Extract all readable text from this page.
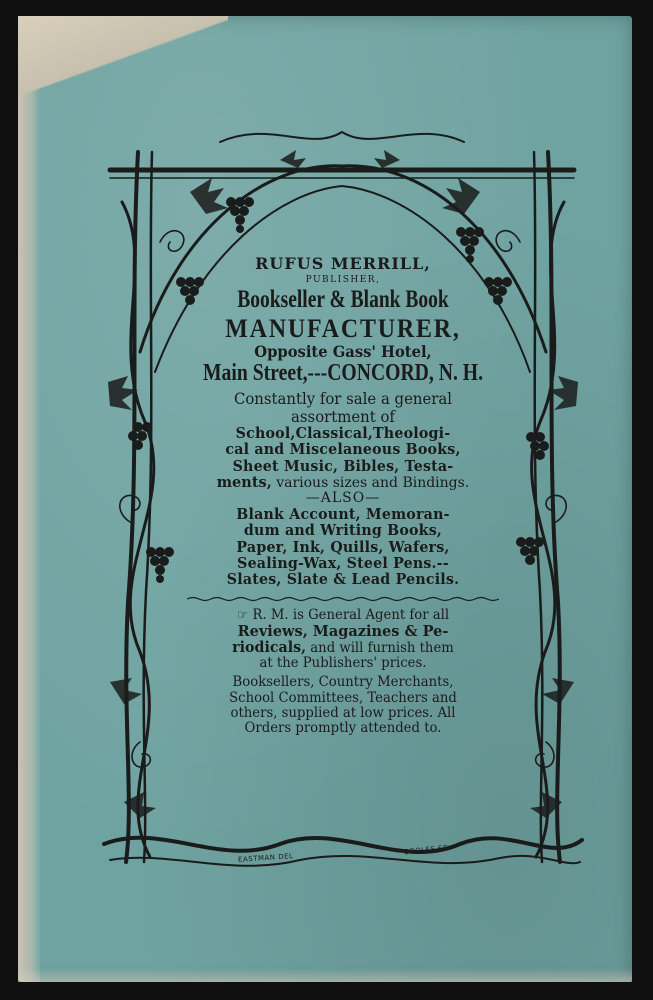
RUFUS MERRILL,
PUBLISHER,
Bookseller & Blank Book
MANUFACTURER,
Opposite Gass' Hotel,
Main Street,---CONCORD, N. H.
Constantly for sale a general
assortment of
School,Classical,Theologi-
cal and Miscelaneous Books,
Sheet Music, Bibles, Testa-
ments, various sizes and Bindings.
—ALSO—
Blank Account, Memoran-
dum and Writing Books,
Paper, Ink, Quills, Wafers,
Sealing-Wax, Steel Pens.--
Slates, Slate & Lead Pencils.
☞ R. M. is General Agent for all
Reviews, Magazines & Pe-
riodicals, and will furnish them
at the Publishers' prices.
Booksellers, Country Merchants,
School Committees, Teachers and
others, supplied at low prices. All
Orders promptly attended to.
EASTMAN DEL
BOOLES SC
